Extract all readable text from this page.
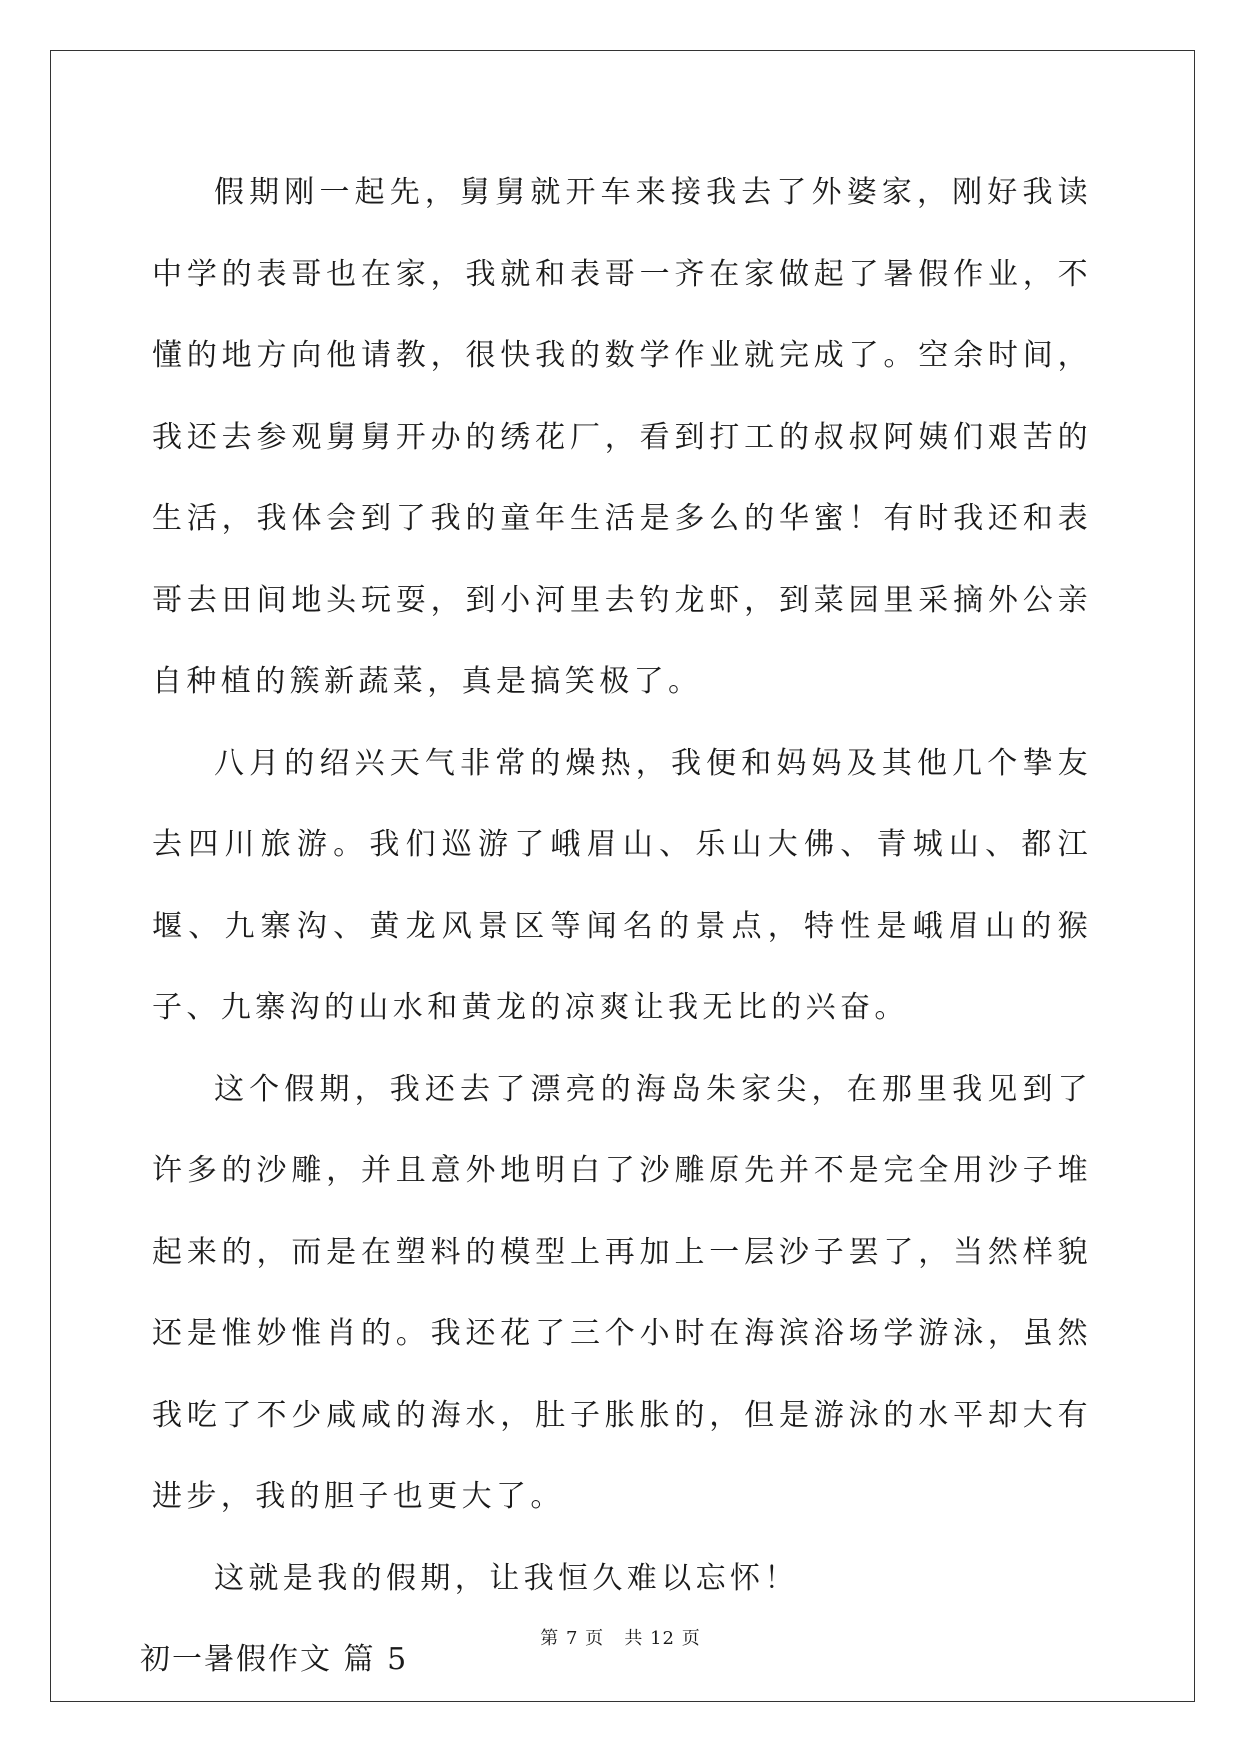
假期刚一起先，舅舅就开车来接我去了外婆家，刚好我读中学的表哥也在家，我就和表哥一齐在家做起了暑假作业，不懂的地方向他请教，很快我的数学作业就完成了。空余时间，我还去参观舅舅开办的绣花厂，看到打工的叔叔阿姨们艰苦的生活，我体会到了我的童年生活是多么的华蜜！有时我还和表哥去田间地头玩耍，到小河里去钓龙虾，到菜园里采摘外公亲自种植的簇新蔬菜，真是搞笑极了。

八月的绍兴天气非常的燥热，我便和妈妈及其他几个挚友去四川旅游。我们巡游了峨眉山、乐山大佛、青城山、都江堰、九寨沟、黄龙风景区等闻名的景点，特性是峨眉山的猴子、九寨沟的山水和黄龙的凉爽让我无比的兴奋。

这个假期，我还去了漂亮的海岛朱家尖，在那里我见到了许多的沙雕，并且意外地明白了沙雕原先并不是完全用沙子堆起来的，而是在塑料的模型上再加上一层沙子罢了，当然样貌还是惟妙惟肖的。我还花了三个小时在海滨浴场学游泳，虽然我吃了不少咸咸的海水，肚子胀胀的，但是游泳的水平却大有进步，我的胆子也更大了。

这就是我的假期，让我恒久难以忘怀！

初一暑假作文 篇 5

第 7 页 共 12 页
